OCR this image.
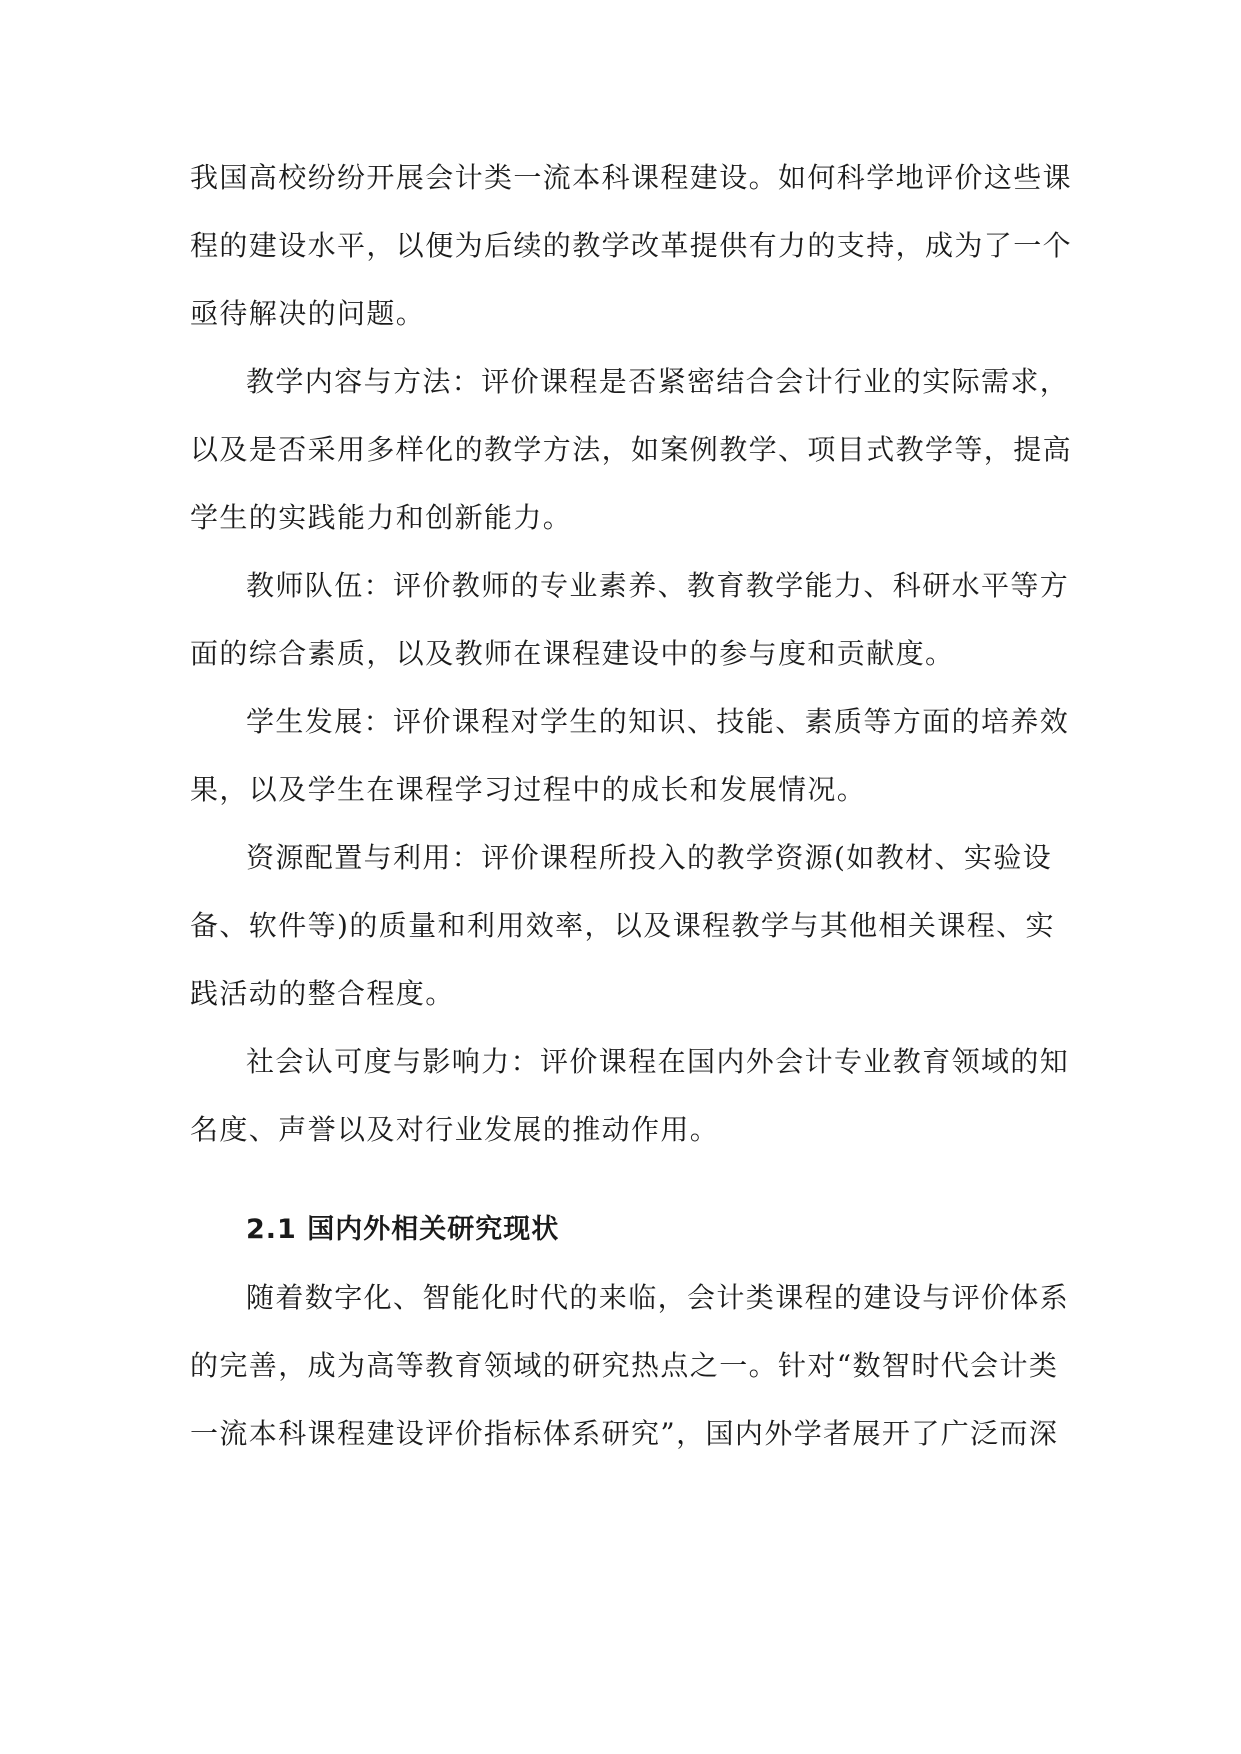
我国高校纷纷开展会计类一流本科课程建设。如何科学地评价这些课
程的建设水平，以便为后续的教学改革提供有力的支持，成为了一个
亟待解决的问题。
教学内容与方法：评价课程是否紧密结合会计行业的实际需求，
以及是否采用多样化的教学方法，如案例教学、项目式教学等，提高
学生的实践能力和创新能力。
教师队伍：评价教师的专业素养、教育教学能力、科研水平等方
面的综合素质，以及教师在课程建设中的参与度和贡献度。
学生发展：评价课程对学生的知识、技能、素质等方面的培养效
果，以及学生在课程学习过程中的成长和发展情况。
资源配置与利用：评价课程所投入的教学资源(如教材、实验设
备、软件等)的质量和利用效率，以及课程教学与其他相关课程、实
践活动的整合程度。
社会认可度与影响力：评价课程在国内外会计专业教育领域的知
名度、声誉以及对行业发展的推动作用。
2.1 国内外相关研究现状
随着数字化、智能化时代的来临，会计类课程的建设与评价体系
的完善，成为高等教育领域的研究热点之一。针对“数智时代会计类
一流本科课程建设评价指标体系研究”，国内外学者展开了广泛而深
